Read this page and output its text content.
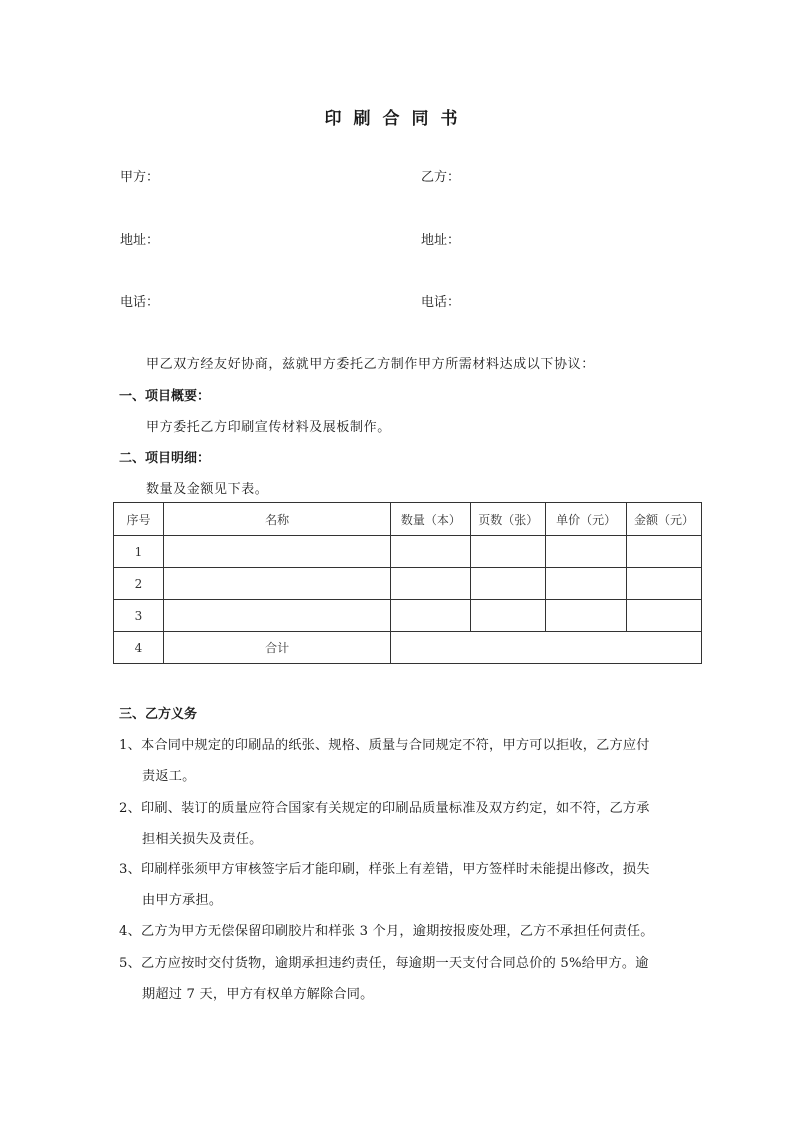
印刷合同书
甲方：	乙方：
地址：	地址：
电话：	电话：
甲乙双方经友好协商，兹就甲方委托乙方制作甲方所需材料达成以下协议：
一、项目概要：
甲方委托乙方印刷宣传材料及展板制作。
二、项目明细：
数量及金额见下表。
序号	名称	数量（本）	页数（张）	单价（元）	金额（元）
1					
2					
3					
4	合计				
三、乙方义务
1、本合同中规定的印刷品的纸张、规格、质量与合同规定不符，甲方可以拒收，乙方应付
责返工。
2、印刷、装订的质量应符合国家有关规定的印刷品质量标准及双方约定，如不符，乙方承
担相关损失及责任。
3、印刷样张须甲方审核签字后才能印刷，样张上有差错，甲方签样时未能提出修改，损失
由甲方承担。
4、乙方为甲方无偿保留印刷胶片和样张 3 个月，逾期按报废处理，乙方不承担任何责任。
5、乙方应按时交付货物，逾期承担违约责任，每逾期一天支付合同总价的 5%给甲方。逾
期超过 7 天，甲方有权单方解除合同。
